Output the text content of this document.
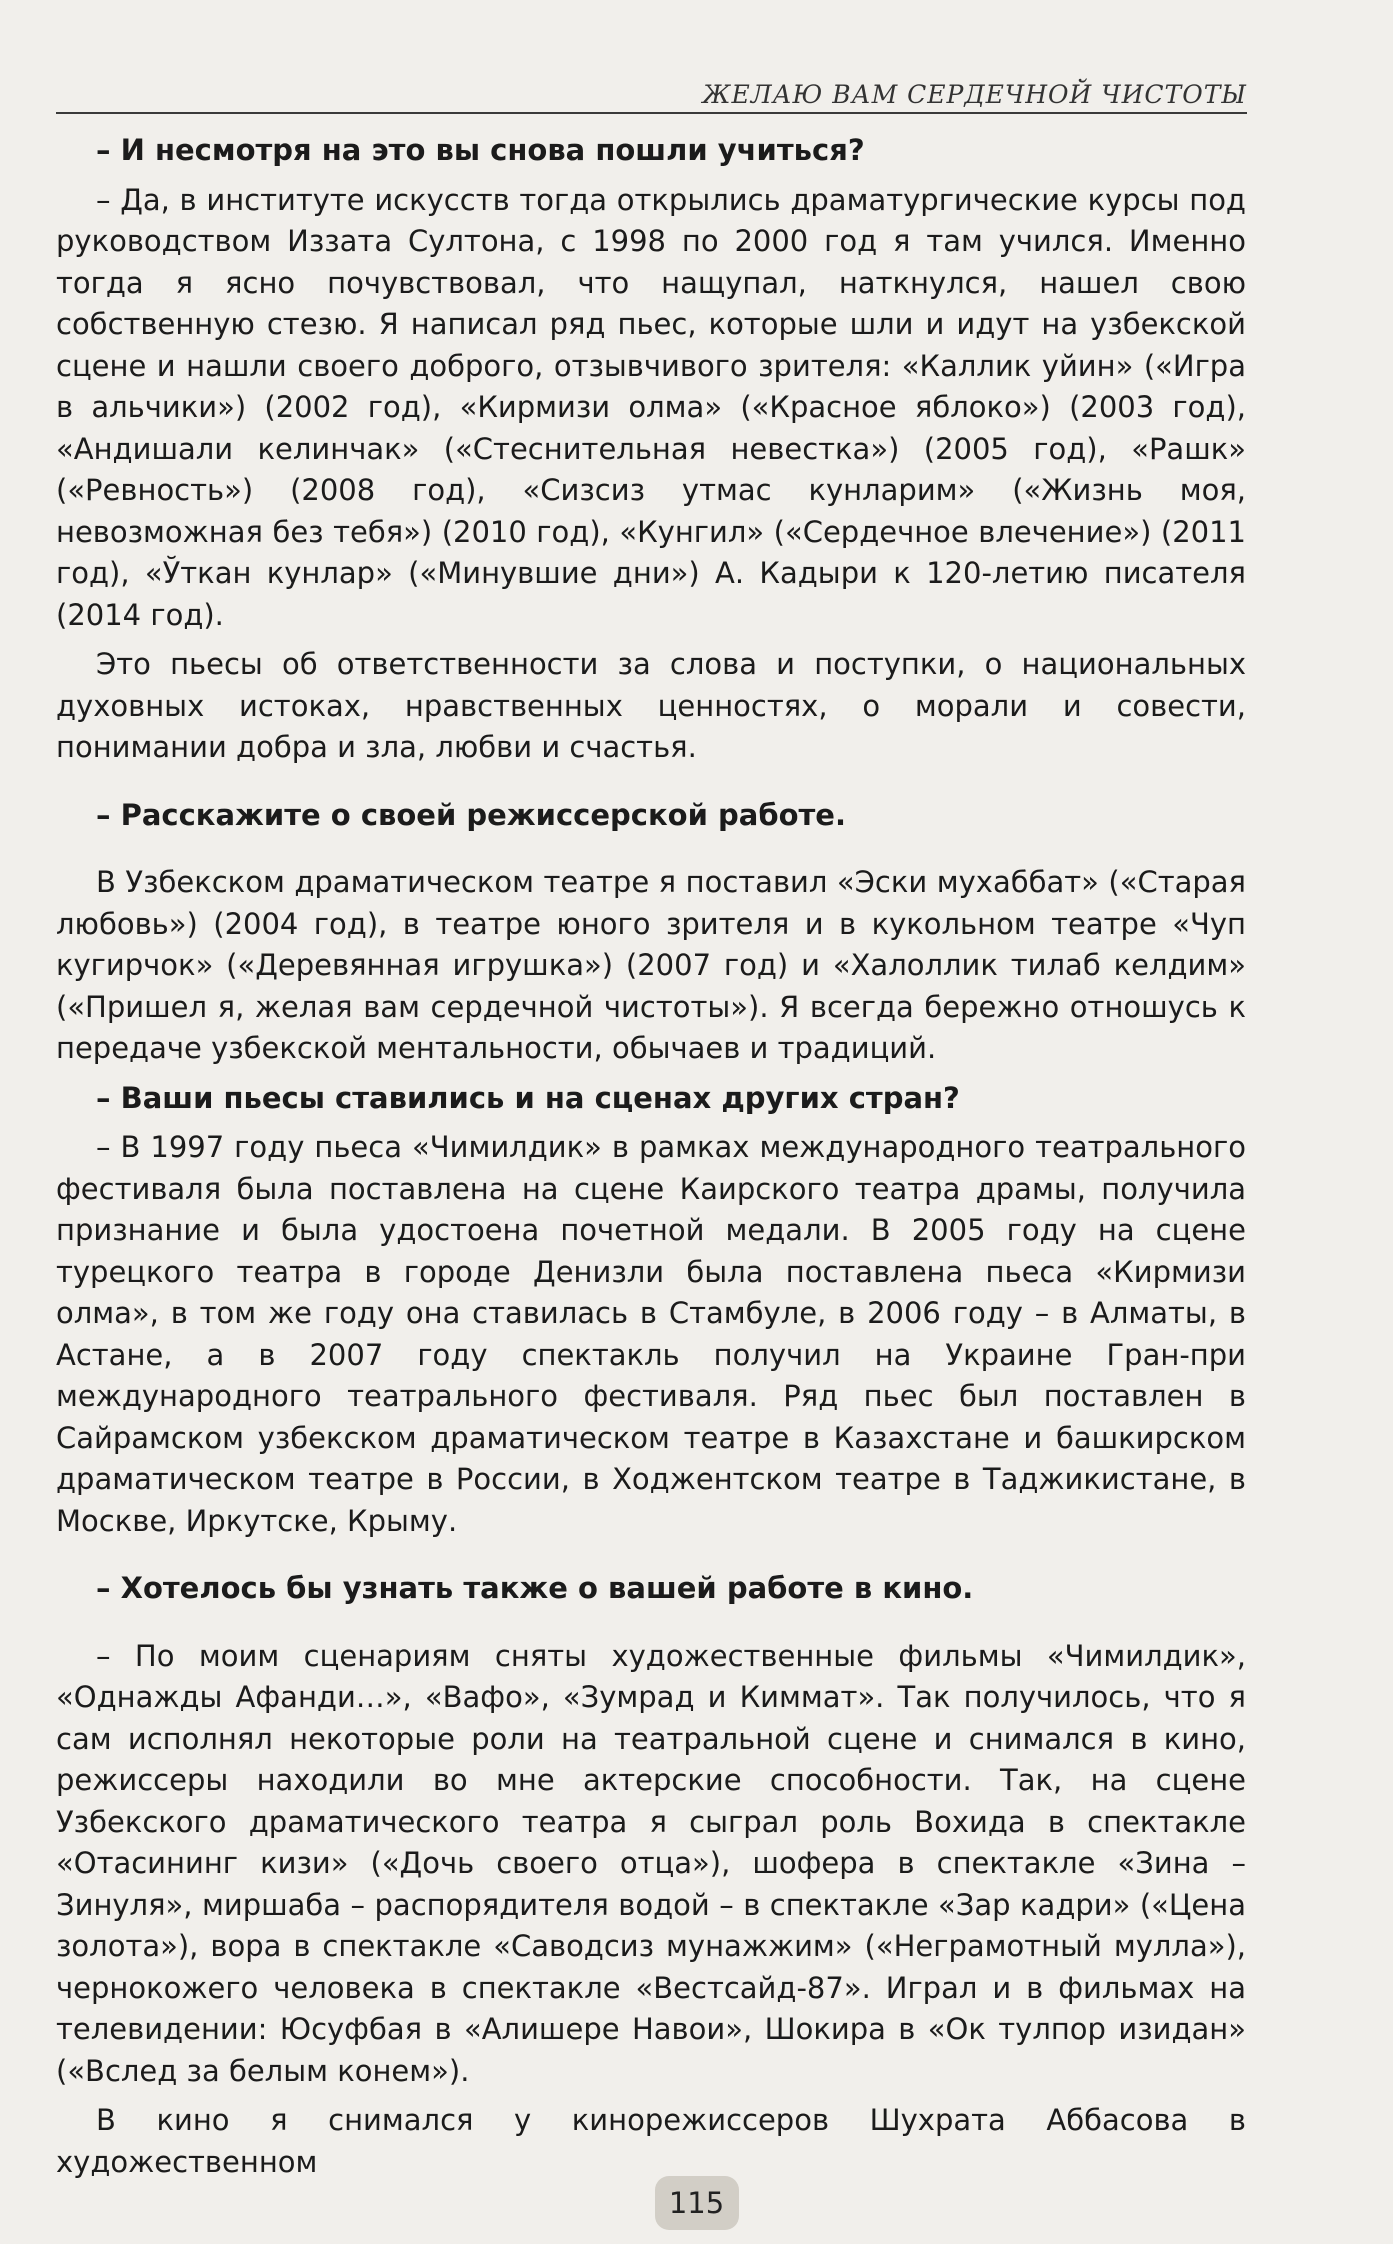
ЖЕЛАЮ ВАМ СЕРДЕЧНОЙ ЧИСТОТЫ

– И несмотря на это вы снова пошли учиться?

– Да, в институте искусств тогда открылись драматургические курсы под руководством Иззата Султона, с 1998 по 2000 год я там учился. Именно тогда я ясно почувствовал, что нащупал, наткнулся, нашел свою собственную стезю. Я написал ряд пьес, которые шли и идут на узбекской сцене и нашли своего доброго, отзывчивого зрителя: «Каллик уйин» («Игра в альчики») (2002 год), «Кирмизи олма» («Красное яблоко») (2003 год), «Андишали келинчак» («Стеснительная невестка») (2005 год), «Рашк» («Ревность») (2008 год), «Сизсиз утмас кунларим» («Жизнь моя, невозможная без тебя») (2010 год), «Кунгил» («Сердечное влечение») (2011 год), «Ўткан кунлар» («Минувшие дни») А. Кадыри к 120-летию писателя (2014 год).

Это пьесы об ответственности за слова и поступки, о национальных духовных истоках, нравственных ценностях, о морали и совести, понимании добра и зла, любви и счастья.

– Расскажите о своей режиссерской работе.

В Узбекском драматическом театре я поставил «Эски мухаббат» («Старая любовь») (2004 год), в театре юного зрителя и в кукольном театре «Чуп кугирчок» («Деревянная игрушка») (2007 год) и «Халоллик тилаб келдим» («Пришел я, желая вам сердечной чистоты»). Я всегда бережно отношусь к передаче узбекской ментальности, обычаев и традиций.

– Ваши пьесы ставились и на сценах других стран?

– В 1997 году пьеса «Чимилдик» в рамках международного театрального фестиваля была поставлена на сцене Каирского театра драмы, получила признание и была удостоена почетной медали. В 2005 году на сцене турецкого театра в городе Денизли была поставлена пьеса «Кирмизи олма», в том же году она ставилась в Стамбуле, в 2006 году – в Алматы, в Астане, а в 2007 году спектакль получил на Украине Гран-при международного театрального фестиваля. Ряд пьес был поставлен в Сайрамском узбекском драматическом театре в Казахстане и башкирском драматическом театре в России, в Ходжентском театре в Таджикистане, в Москве, Иркутске, Крыму.

– Хотелось бы узнать также о вашей работе в кино.

– По моим сценариям сняты художественные фильмы «Чимилдик», «Однажды Афанди…», «Вафо», «Зумрад и Киммат». Так получилось, что я сам исполнял некоторые роли на театральной сцене и снимался в кино, режиссеры находили во мне актерские способности. Так, на сцене Узбекского драматического театра я сыграл роль Вохида в спектакле «Отасининг кизи» («Дочь своего отца»), шофера в спектакле «Зина – Зинуля», миршаба – распорядителя водой – в спектакле «Зар кадри» («Цена золота»), вора в спектакле «Саводсиз мунажжим» («Неграмотный мулла»), чернокожего человека в спектакле «Вестсайд-87». Играл и в фильмах на телевидении: Юсуфбая в «Алишере Навои», Шокира в «Ок тулпор изидан» («Вслед за белым конем»).

В кино я снимался у кинорежиссеров Шухрата Аббасова в художественном

115
